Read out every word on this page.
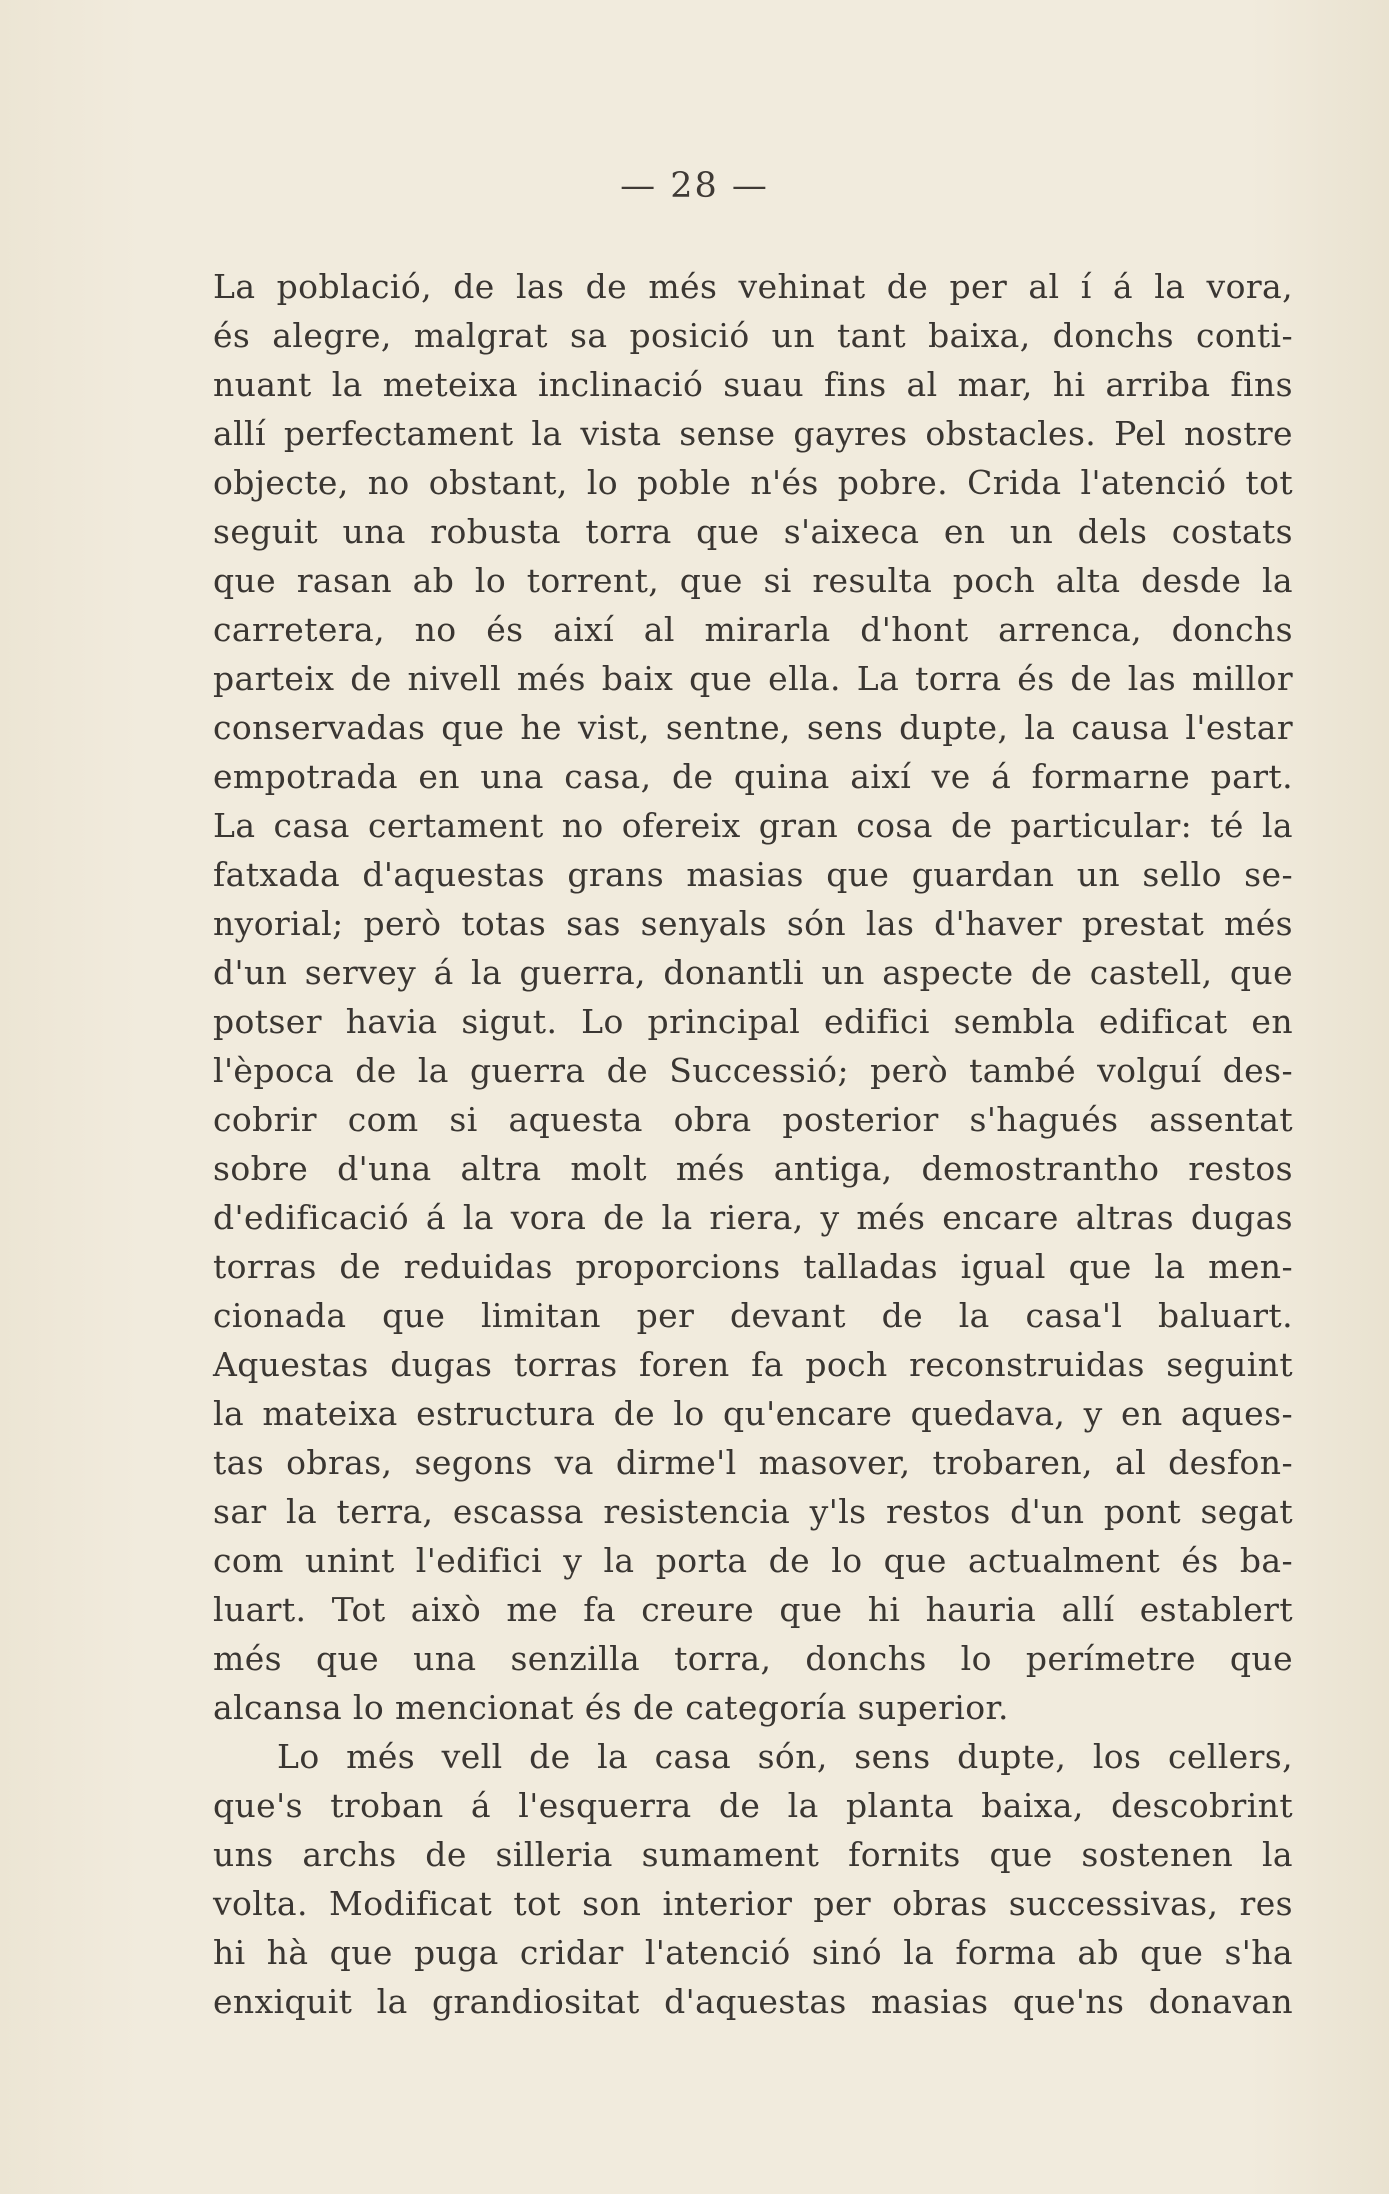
— 28 —
La població, de las de més vehinat de per al í á la vora,
és alegre, malgrat sa posició un tant baixa, donchs conti-
nuant la meteixa inclinació suau fins al mar, hi arriba fins
allí perfectament la vista sense gayres obstacles. Pel nostre
objecte, no obstant, lo poble n'és pobre. Crida l'atenció tot
seguit una robusta torra que s'aixeca en un dels costats
que rasan ab lo torrent, que si resulta poch alta desde la
carretera, no és així al mirarla d'hont arrenca, donchs
parteix de nivell més baix que ella. La torra és de las millor
conservadas que he vist, sentne, sens dupte, la causa l'estar
empotrada en una casa, de quina així ve á formarne part.
La casa certament no ofereix gran cosa de particular: té la
fatxada d'aquestas grans masias que guardan un sello se-
nyorial; però totas sas senyals són las d'haver prestat més
d'un servey á la guerra, donantli un aspecte de castell, que
potser havia sigut. Lo principal edifici sembla edificat en
l'època de la guerra de Successió; però també volguí des-
cobrir com si aquesta obra posterior s'hagués assentat
sobre d'una altra molt més antiga, demostrantho restos
d'edificació á la vora de la riera, y més encare altras dugas
torras de reduidas proporcions talladas igual que la men-
cionada que limitan per devant de la casa'l baluart.
Aquestas dugas torras foren fa poch reconstruidas seguint
la mateixa estructura de lo qu'encare quedava, y en aques-
tas obras, segons va dirme'l masover, trobaren, al desfon-
sar la terra, escassa resistencia y'ls restos d'un pont segat
com unint l'edifici y la porta de lo que actualment és ba-
luart. Tot això me fa creure que hi hauria allí establert
més que una senzilla torra, donchs lo perímetre que
alcansa lo mencionat és de categoría superior.
Lo més vell de la casa són, sens dupte, los cellers,
que's troban á l'esquerra de la planta baixa, descobrint
uns archs de silleria sumament fornits que sostenen la
volta. Modificat tot son interior per obras successivas, res
hi hà que puga cridar l'atenció sinó la forma ab que s'ha
enxiquit la grandiositat d'aquestas masias que'ns donavan
